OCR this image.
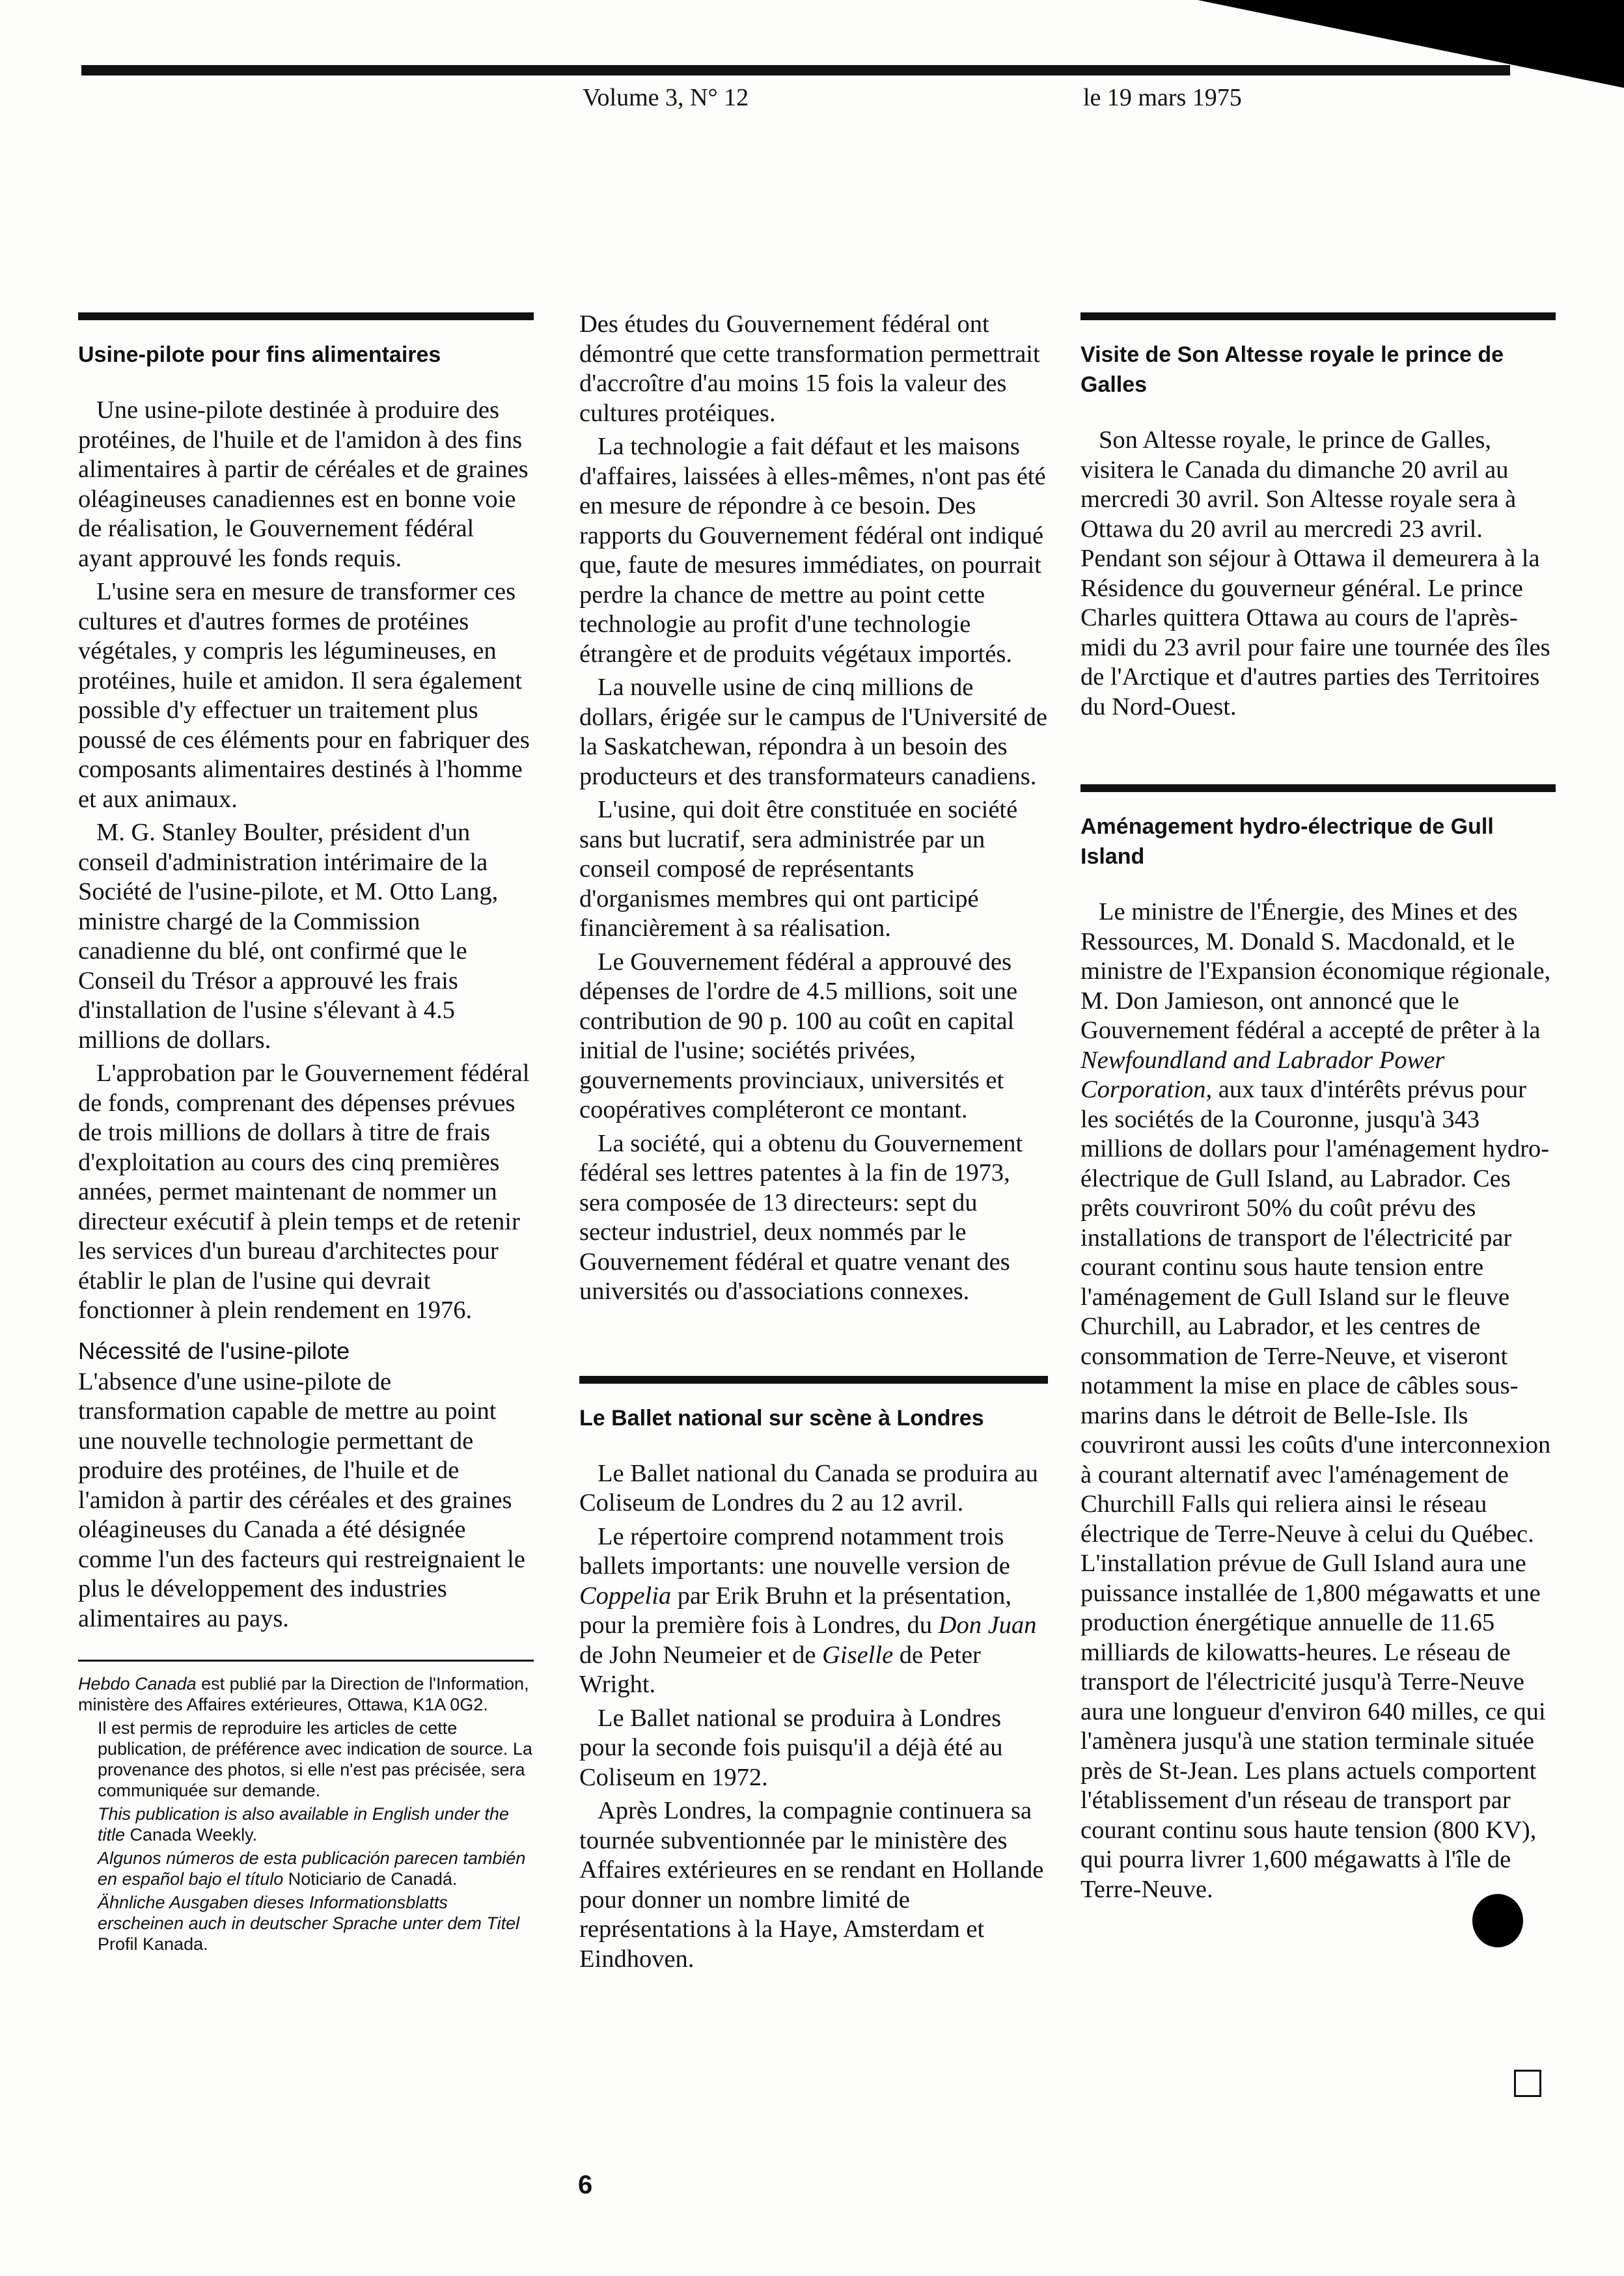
Volume 3, N° 12	le 19 mars 1975
Usine-pilote pour fins alimentaires

Une usine-pilote destinée à produire des protéines, de l'huile et de l'amidon à des fins alimentaires à partir de céréales et de graines oléagineuses canadiennes est en bonne voie de réalisation, le Gouvernement fédéral ayant approuvé les fonds requis.

L'usine sera en mesure de transformer ces cultures et d'autres formes de protéines végétales, y compris les légumineuses, en protéines, huile et amidon. Il sera également possible d'y effectuer un traitement plus poussé de ces éléments pour en fabriquer des composants alimentaires destinés à l'homme et aux animaux.

M. G. Stanley Boulter, président d'un conseil d'administration intérimaire de la Société de l'usine-pilote, et M. Otto Lang, ministre chargé de la Commission canadienne du blé, ont confirmé que le Conseil du Trésor a approuvé les frais d'installation de l'usine s'élevant à 4.5 millions de dollars.

L'approbation par le Gouvernement fédéral de fonds, comprenant des dépenses prévues de trois millions de dollars à titre de frais d'exploitation au cours des cinq premières années, permet maintenant de nommer un directeur exécutif à plein temps et de retenir les services d'un bureau d'architectes pour établir le plan de l'usine qui devrait fonctionner à plein rendement en 1976.

Nécessité de l'usine-pilote

L'absence d'une usine-pilote de transformation capable de mettre au point une nouvelle technologie permettant de produire des protéines, de l'huile et de l'amidon à partir des céréales et des graines oléagineuses du Canada a été désignée comme l'un des facteurs qui restreignaient le plus le développement des industries alimentaires au pays.

Hebdo Canada est publié par la Direction de l'Information, ministère des Affaires extérieures, Ottawa, K1A 0G2.
Il est permis de reproduire les articles de cette publication, de préférence avec indication de source. La provenance des photos, si elle n'est pas précisée, sera communiquée sur demande.
This publication is also available in English under the title Canada Weekly.
Algunos números de esta publicación parecen también en español bajo el título Noticiario de Canadá.
Ähnliche Ausgaben dieses Informationsblatts erscheinen auch in deutscher Sprache unter dem Titel Profil Kanada.

Des études du Gouvernement fédéral ont démontré que cette transformation permettrait d'accroître d'au moins 15 fois la valeur des cultures protéiques.

La technologie a fait défaut et les maisons d'affaires, laissées à elles-mêmes, n'ont pas été en mesure de répondre à ce besoin. Des rapports du Gouvernement fédéral ont indiqué que, faute de mesures immédiates, on pourrait perdre la chance de mettre au point cette technologie au profit d'une technologie étrangère et de produits végétaux importés.

La nouvelle usine de cinq millions de dollars, érigée sur le campus de l'Université de la Saskatchewan, répondra à un besoin des producteurs et des transformateurs canadiens.

L'usine, qui doit être constituée en société sans but lucratif, sera administrée par un conseil composé de représentants d'organismes membres qui ont participé financièrement à sa réalisation.

Le Gouvernement fédéral a approuvé des dépenses de l'ordre de 4.5 millions, soit une contribution de 90 p. 100 au coût en capital initial de l'usine; sociétés privées, gouvernements provinciaux, universités et coopératives compléteront ce montant.

La société, qui a obtenu du Gouvernement fédéral ses lettres patentes à la fin de 1973, sera composée de 13 directeurs: sept du secteur industriel, deux nommés par le Gouvernement fédéral et quatre venant des universités ou d'associations connexes.

Le Ballet national sur scène à Londres

Le Ballet national du Canada se produira au Coliseum de Londres du 2 au 12 avril.

Le répertoire comprend notamment trois ballets importants: une nouvelle version de Coppelia par Erik Bruhn et la présentation, pour la première fois à Londres, du Don Juan de John Neumeier et de Giselle de Peter Wright.

Le Ballet national se produira à Londres pour la seconde fois puisqu'il a déjà été au Coliseum en 1972.

Après Londres, la compagnie continuera sa tournée subventionnée par le ministère des Affaires extérieures en se rendant en Hollande pour donner un nombre limité de représentations à la Haye, Amsterdam et Eindhoven.

Visite de Son Altesse royale le prince de Galles

Son Altesse royale, le prince de Galles, visitera le Canada du dimanche 20 avril au mercredi 30 avril. Son Altesse royale sera à Ottawa du 20 avril au mercredi 23 avril. Pendant son séjour à Ottawa il demeurera à la Résidence du gouverneur général. Le prince Charles quittera Ottawa au cours de l'après-midi du 23 avril pour faire une tournée des îles de l'Arctique et d'autres parties des Territoires du Nord-Ouest.

Aménagement hydro-électrique de Gull Island

Le ministre de l'Énergie, des Mines et des Ressources, M. Donald S. Macdonald, et le ministre de l'Expansion économique régionale, M. Don Jamieson, ont annoncé que le Gouvernement fédéral a accepté de prêter à la Newfoundland and Labrador Power Corporation, aux taux d'intérêts prévus pour les sociétés de la Couronne, jusqu'à 343 millions de dollars pour l'aménagement hydro-électrique de Gull Island, au Labrador. Ces prêts couvriront 50% du coût prévu des installations de transport de l'électricité par courant continu sous haute tension entre l'aménagement de Gull Island sur le fleuve Churchill, au Labrador, et les centres de consommation de Terre-Neuve, et viseront notamment la mise en place de câbles sous-marins dans le détroit de Belle-Isle. Ils couvriront aussi les coûts d'une interconnexion à courant alternatif avec l'aménagement de Churchill Falls qui reliera ainsi le réseau électrique de Terre-Neuve à celui du Québec. L'installation prévue de Gull Island aura une puissance installée de 1,800 mégawatts et une production énergétique annuelle de 11.65 milliards de kilowatts-heures. Le réseau de transport de l'électricité jusqu'à Terre-Neuve aura une longueur d'environ 640 milles, ce qui l'amènera jusqu'à une station terminale située près de St-Jean. Les plans actuels comportent l'établissement d'un réseau de transport par courant continu sous haute tension (800 KV), qui pourra livrer 1,600 mégawatts à l'île de Terre-Neuve.

6
